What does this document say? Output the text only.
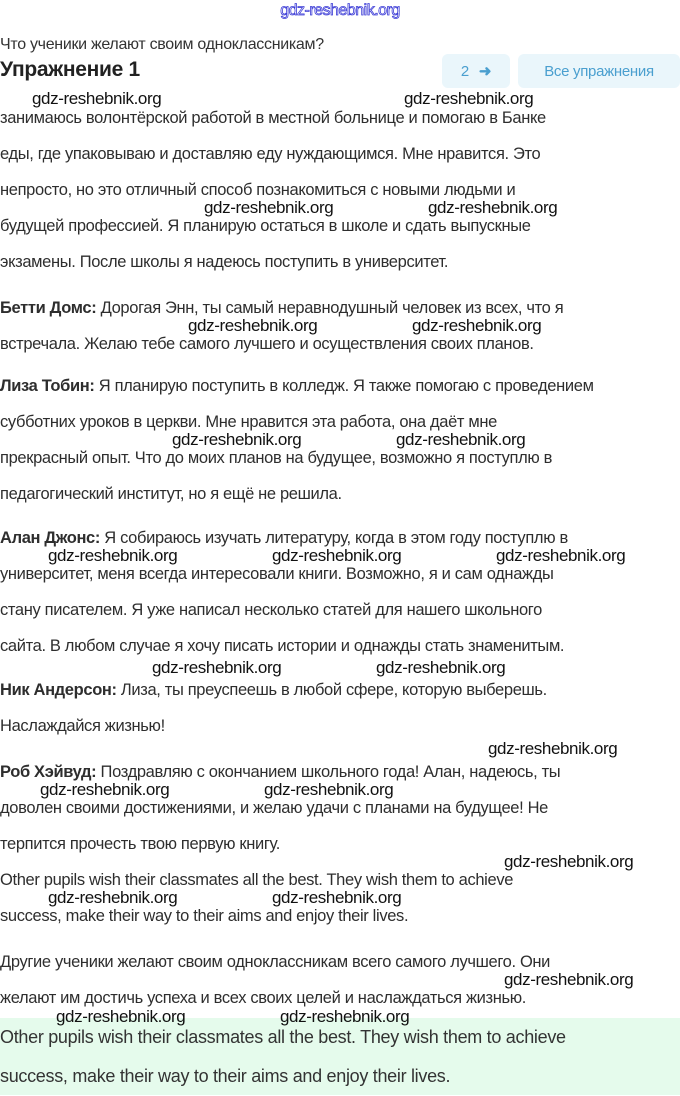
gdz-reshebnik.org
Что ученики желают своим одноклассникам?
Упражнение 1	2 ➜	Все упражнения

занимаюсь волонтёрской работой в местной больнице и помогаю в Банке
еды, где упаковываю и доставляю еду нуждающимся. Мне нравится. Это
непросто, но это отличный способ познакомиться с новыми людьми и
будущей профессией. Я планирую остаться в школе и сдать выпускные
экзамены. После школы я надеюсь поступить в университет.

Бетти Домс: Дорогая Энн, ты самый неравнодушный человек из всех, что я
встречала. Желаю тебе самого лучшего и осуществления своих планов.

Лиза Тобин: Я планирую поступить в колледж. Я также помогаю с проведением
субботних уроков в церкви. Мне нравится эта работа, она даёт мне
прекрасный опыт. Что до моих планов на будущее, возможно я поступлю в
педагогический институт, но я ещё не решила.

Алан Джонс: Я собираюсь изучать литературу, когда в этом году поступлю в
университет, меня всегда интересовали книги. Возможно, я и сам однажды
стану писателем. Я уже написал несколько статей для нашего школьного
сайта. В любом случае я хочу писать истории и однажды стать знаменитым.

Ник Андерсон: Лиза, ты преуспеешь в любой сфере, которую выберешь.
Наслаждайся жизнью!

Роб Хэйвуд: Поздравляю с окончанием школьного года! Алан, надеюсь, ты
доволен своими достижениями, и желаю удачи с планами на будущее! Не
терпится прочесть твою первую книгу.

Other pupils wish their classmates all the best. They wish them to achieve
success, make their way to their aims and enjoy their lives.

Другие ученики желают своим одноклассникам всего самого лучшего. Они
желают им достичь успеха и всех своих целей и наслаждаться жизнью.

Other pupils wish their classmates all the best. They wish them to achieve
success, make their way to their aims and enjoy their lives.

gdz-reshebnik.org	gdz-reshebnik.org
gdz-reshebnik.org	gdz-reshebnik.org
gdz-reshebnik.org	gdz-reshebnik.org
gdz-reshebnik.org	gdz-reshebnik.org
gdz-reshebnik.org	gdz-reshebnik.org	gdz-reshebnik.org
gdz-reshebnik.org	gdz-reshebnik.org
gdz-reshebnik.org
gdz-reshebnik.org	gdz-reshebnik.org
gdz-reshebnik.org
gdz-reshebnik.org	gdz-reshebnik.org
gdz-reshebnik.org
gdz-reshebnik.org	gdz-reshebnik.org
